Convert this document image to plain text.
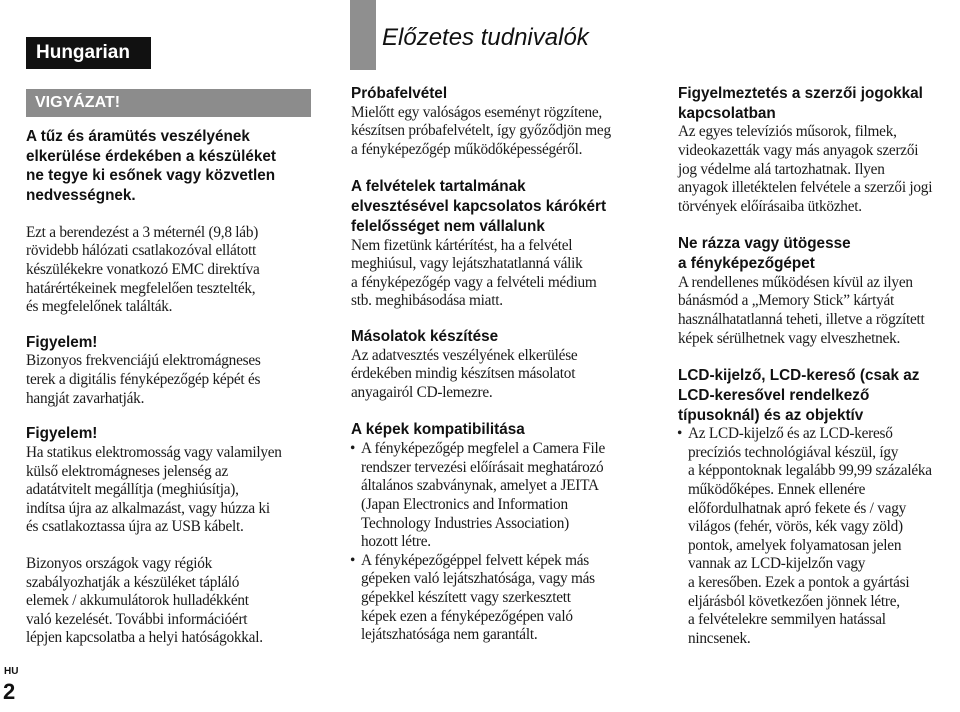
Hungarian
Előzetes tudnivalók
VIGYÁZAT!
A tűz és áramütés veszélyének
elkerülése érdekében a készüléket
ne tegye ki esőnek vagy közvetlen
nedvességnek.
Ezt a berendezést a 3 méternél (9,8 láb)
rövidebb hálózati csatlakozóval ellátott
készülékekre vonatkozó EMC direktíva
határértékeinek megfelelően tesztelték,
és megfelelőnek találták.
Figyelem!
Bizonyos frekvenciájú elektromágneses
terek a digitális fényképezőgép képét és
hangját zavarhatják.
Figyelem!
Ha statikus elektromosság vagy valamilyen
külső elektromágneses jelenség az
adatátvitelt megállítja (meghiúsítja),
indítsa újra az alkalmazást, vagy húzza ki
és csatlakoztassa újra az USB kábelt.
Bizonyos országok vagy régiók
szabályozhatják a készüléket tápláló
elemek / akkumulátorok hulladékként
való kezelését. További információért
lépjen kapcsolatba a helyi hatóságokkal.
Próbafelvétel
Mielőtt egy valóságos eseményt rögzítene,
készítsen próbafelvételt, így győződjön meg
a fényképezőgép működőképességéről.
A felvételek tartalmának
elvesztésével kapcsolatos kárókért
felelősséget nem vállalunk
Nem fizetünk kártérítést, ha a felvétel
meghiúsul, vagy lejátszhatatlanná válik
a fényképezőgép vagy a felvételi médium
stb. meghibásodása miatt.
Másolatok készítése
Az adatvesztés veszélyének elkerülése
érdekében mindig készítsen másolatot
anyagairól CD-lemezre.
A képek kompatibilitása
• A fényképezőgép megfelel a Camera File
rendszer tervezési előírásait meghatározó
általános szabványnak, amelyet a JEITA
(Japan Electronics and Information
Technology Industries Association)
hozott létre.
• A fényképezőgéppel felvett képek más
gépeken való lejátszhatósága, vagy más
gépekkel készített vagy szerkesztett
képek ezen a fényképezőgépen való
lejátszhatósága nem garantált.
Figyelmeztetés a szerzői jogokkal
kapcsolatban
Az egyes televíziós műsorok, filmek,
videokazetták vagy más anyagok szerzői
jog védelme alá tartozhatnak. Ilyen
anyagok illetéktelen felvétele a szerzői jogi
törvények előírásaiba ütközhet.
Ne rázza vagy ütögesse
a fényképezőgépet
A rendellenes működésen kívül az ilyen
bánásmód a „Memory Stick” kártyát
használhatatlanná teheti, illetve a rögzített
képek sérülhetnek vagy elveszhetnek.
LCD-kijelző, LCD-kereső (csak az
LCD-keresővel rendelkező
típusoknál) és az objektív
• Az LCD-kijelző és az LCD-kereső
precíziós technológiával készül, így
a képpontoknak legalább 99,99 százaléka
működőképes. Ennek ellenére
előfordulhatnak apró fekete és / vagy
világos (fehér, vörös, kék vagy zöld)
pontok, amelyek folyamatosan jelen
vannak az LCD-kijelzőn vagy
a keresőben. Ezek a pontok a gyártási
eljárásból következően jönnek létre,
a felvételekre semmilyen hatással
nincsenek.
HU
2
